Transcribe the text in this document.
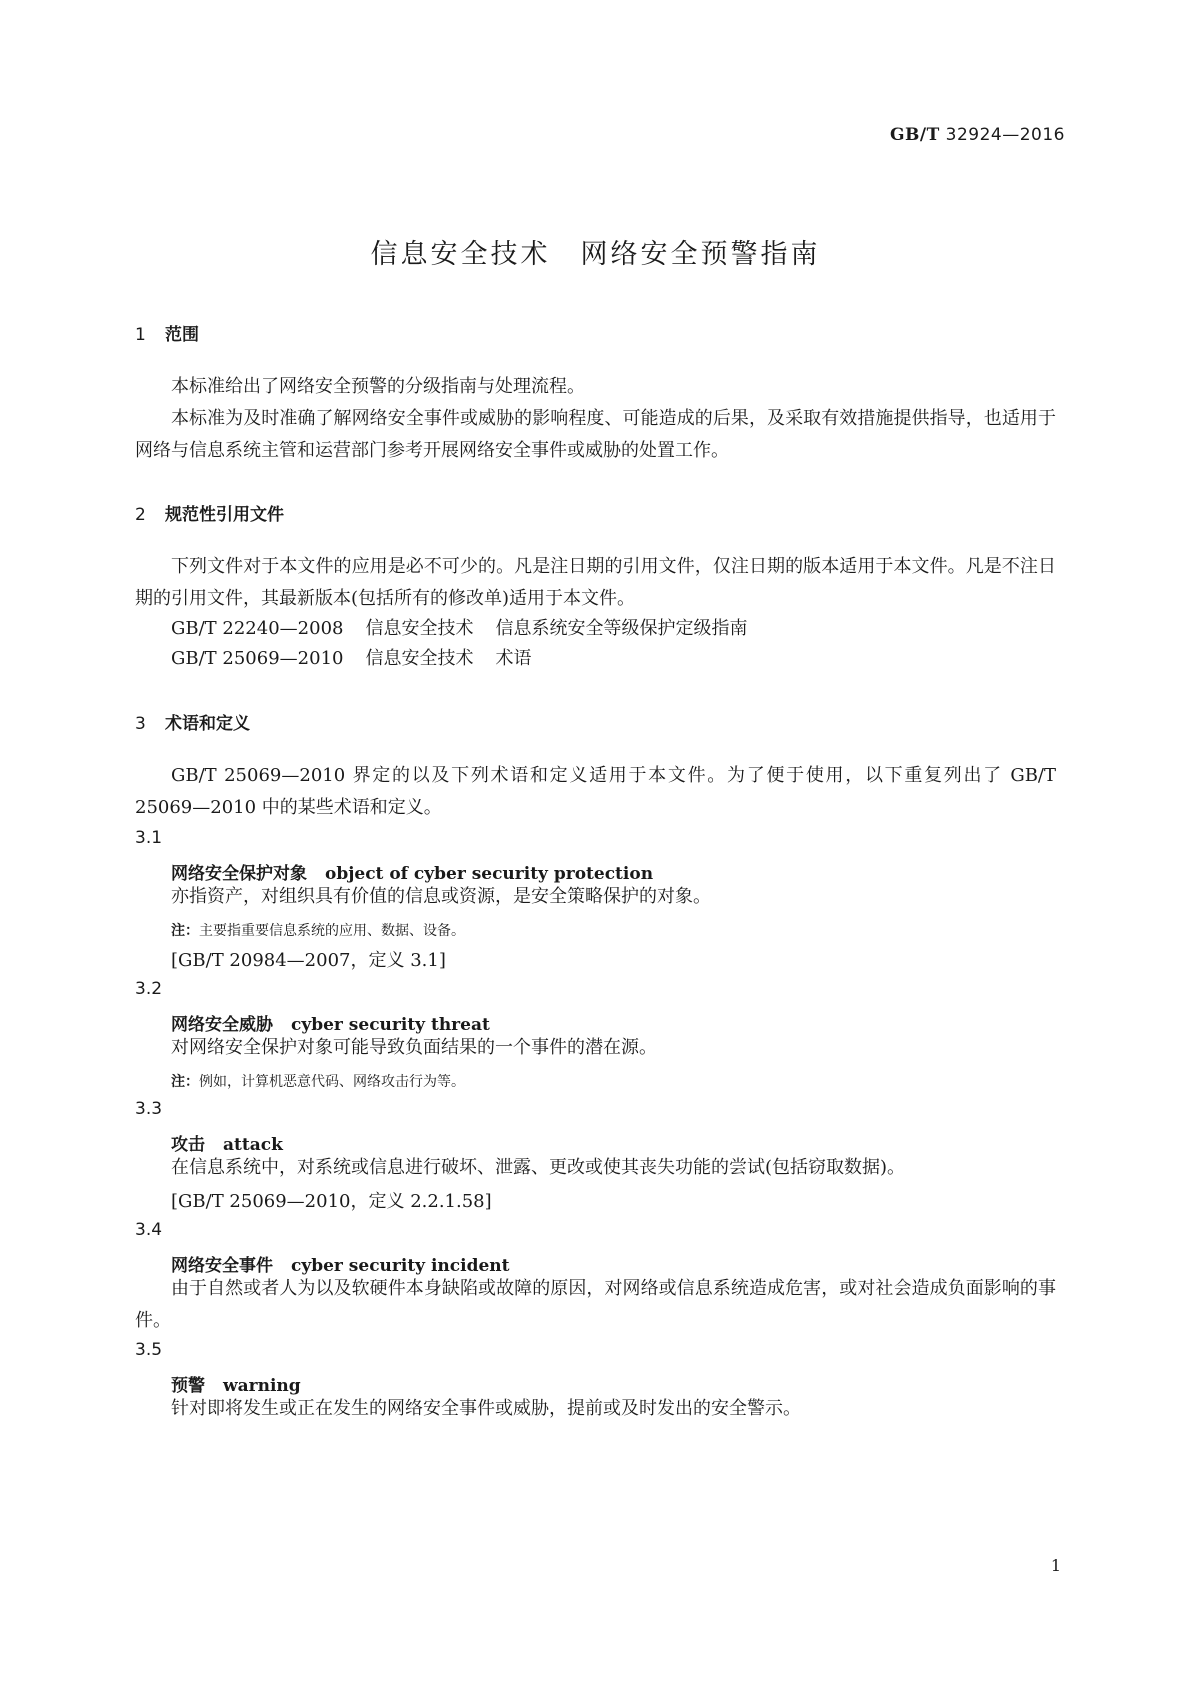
GB/T 32924—2016
信息安全技术　网络安全预警指南
1 范围
本标准给出了网络安全预警的分级指南与处理流程。
本标准为及时准确了解网络安全事件或威胁的影响程度、可能造成的后果，及采取有效措施提供指导，也适用于网络与信息系统主管和运营部门参考开展网络安全事件或威胁的处置工作。
2 规范性引用文件
下列文件对于本文件的应用是必不可少的。凡是注日期的引用文件，仅注日期的版本适用于本文件。凡是不注日期的引用文件，其最新版本(包括所有的修改单)适用于本文件。
GB/T 22240—2008 信息安全技术 信息系统安全等级保护定级指南
GB/T 25069—2010 信息安全技术 术语
3 术语和定义
GB/T 25069—2010 界定的以及下列术语和定义适用于本文件。为了便于使用，以下重复列出了 GB/T 25069—2010 中的某些术语和定义。
3.1
网络安全保护对象 object of cyber security protection
亦指资产，对组织具有价值的信息或资源，是安全策略保护的对象。
注：主要指重要信息系统的应用、数据、设备。
[GB/T 20984—2007，定义 3.1]
3.2
网络安全威胁 cyber security threat
对网络安全保护对象可能导致负面结果的一个事件的潜在源。
注：例如，计算机恶意代码、网络攻击行为等。
3.3
攻击 attack
在信息系统中，对系统或信息进行破坏、泄露、更改或使其丧失功能的尝试(包括窃取数据)。
[GB/T 25069—2010，定义 2.2.1.58]
3.4
网络安全事件 cyber security incident
由于自然或者人为以及软硬件本身缺陷或故障的原因，对网络或信息系统造成危害，或对社会造成负面影响的事件。
3.5
预警 warning
针对即将发生或正在发生的网络安全事件或威胁，提前或及时发出的安全警示。
1
